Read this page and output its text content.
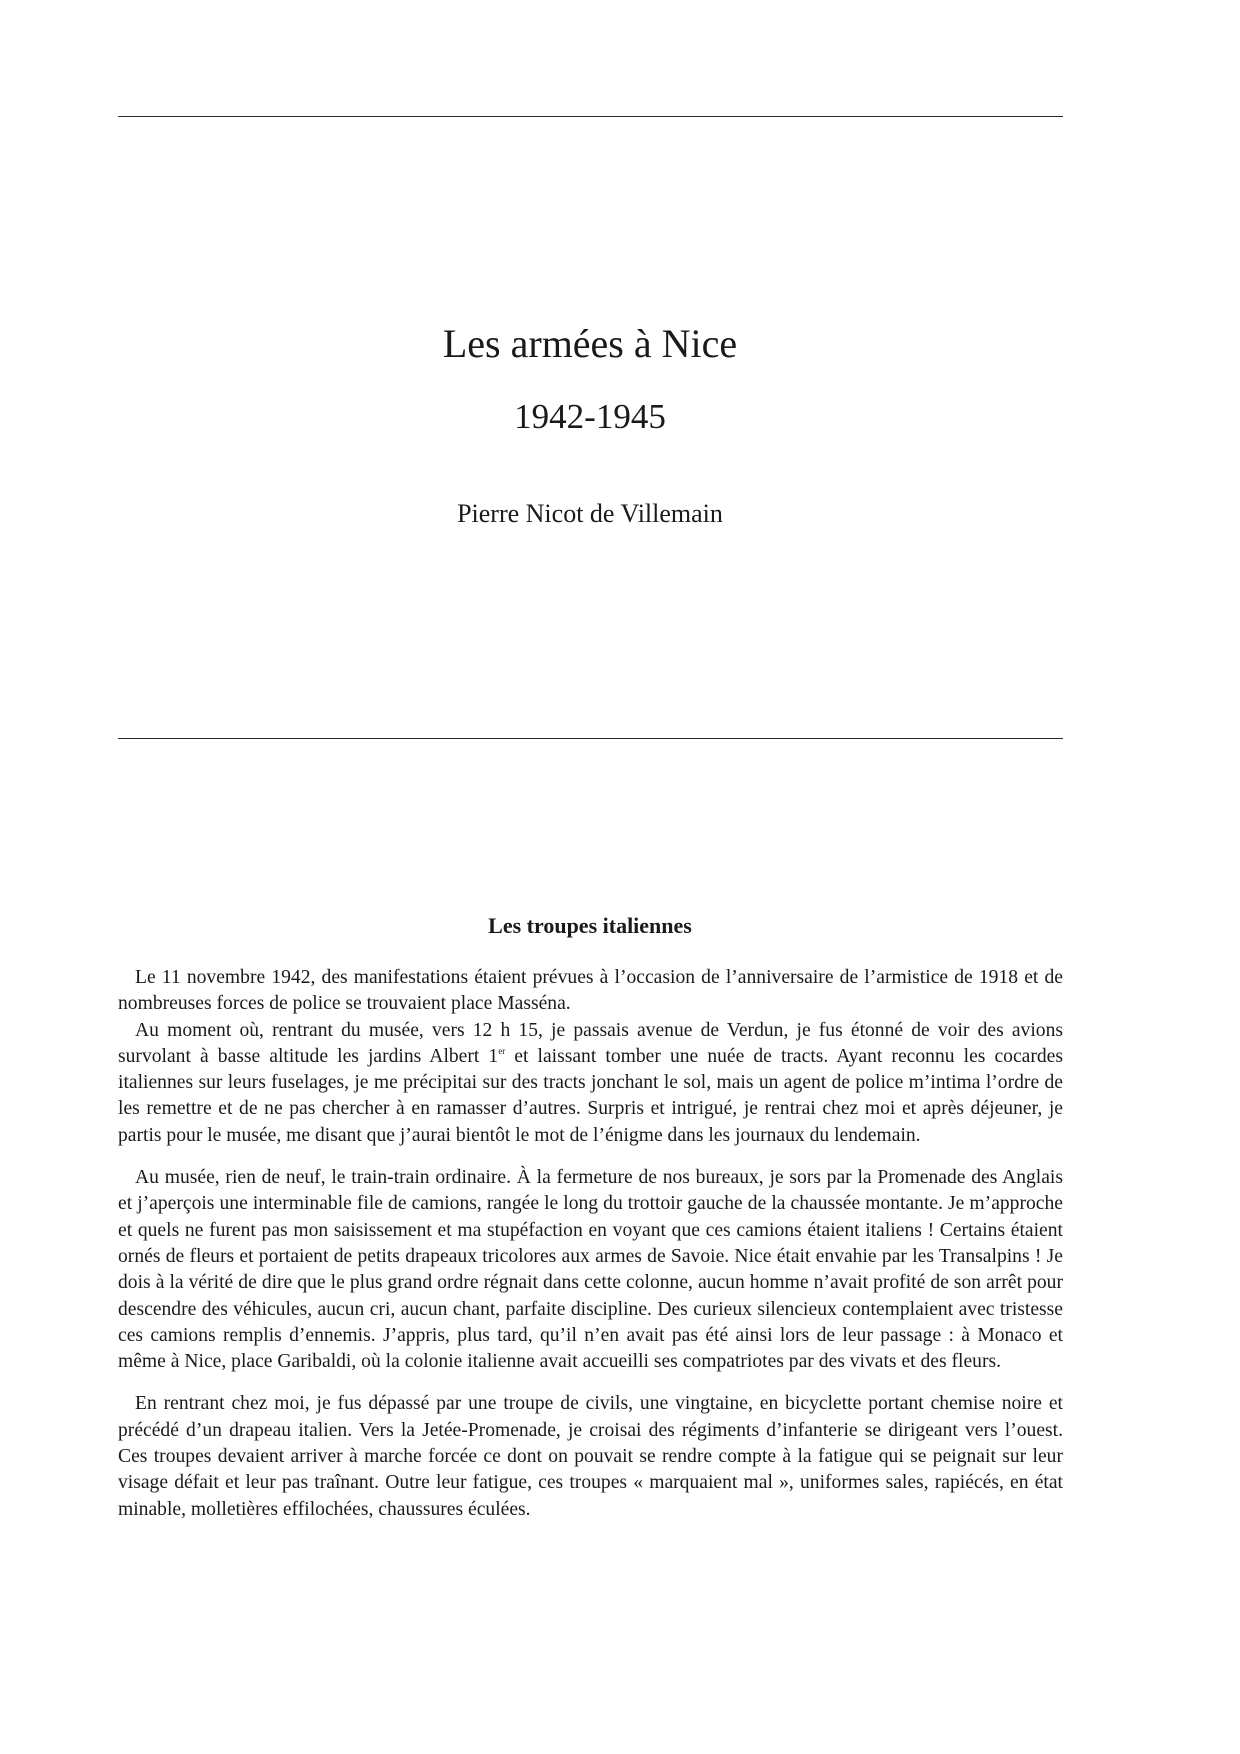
Les armées à Nice
1942-1945
Pierre Nicot de Villemain
Les troupes italiennes

Le 11 novembre 1942, des manifestations étaient prévues à l’occasion de l’anniversaire de l’armistice de 1918 et de nombreuses forces de police se trouvaient place Masséna.

Au moment où, rentrant du musée, vers 12 h 15, je passais avenue de Verdun, je fus étonné de voir des avions survolant à basse altitude les jardins Albert 1er et laissant tomber une nuée de tracts. Ayant reconnu les cocardes italiennes sur leurs fuselages, je me précipitai sur des tracts jonchant le sol, mais un agent de police m’intima l’ordre de les remettre et de ne pas chercher à en ramasser d’autres. Surpris et intrigué, je rentrai chez moi et après déjeuner, je partis pour le musée, me disant que j’aurai bientôt le mot de l’énigme dans les journaux du lendemain.

Au musée, rien de neuf, le train-train ordinaire. À la fermeture de nos bureaux, je sors par la Promenade des Anglais et j’aperçois une interminable file de camions, rangée le long du trottoir gauche de la chaussée montante. Je m’approche et quels ne furent pas mon saisissement et ma stupéfaction en voyant que ces camions étaient italiens ! Certains étaient ornés de fleurs et portaient de petits drapeaux tricolores aux armes de Savoie. Nice était envahie par les Transalpins ! Je dois à la vérité de dire que le plus grand ordre régnait dans cette colonne, aucun homme n’avait profité de son arrêt pour descendre des véhicules, aucun cri, aucun chant, parfaite discipline. Des curieux silencieux contemplaient avec tristesse ces camions remplis d’ennemis. J’appris, plus tard, qu’il n’en avait pas été ainsi lors de leur passage : à Monaco et même à Nice, place Garibaldi, où la colonie italienne avait accueilli ses compatriotes par des vivats et des fleurs.

En rentrant chez moi, je fus dépassé par une troupe de civils, une vingtaine, en bicyclette portant chemise noire et précédé d’un drapeau italien. Vers la Jetée-Promenade, je croisai des régiments d’infanterie se dirigeant vers l’ouest. Ces troupes devaient arriver à marche forcée ce dont on pouvait se rendre compte à la fatigue qui se peignait sur leur visage défait et leur pas traînant. Outre leur fatigue, ces troupes « marquaient mal », uniformes sales, rapiécés, en état minable, molletières effilochées, chaussures éculées.
